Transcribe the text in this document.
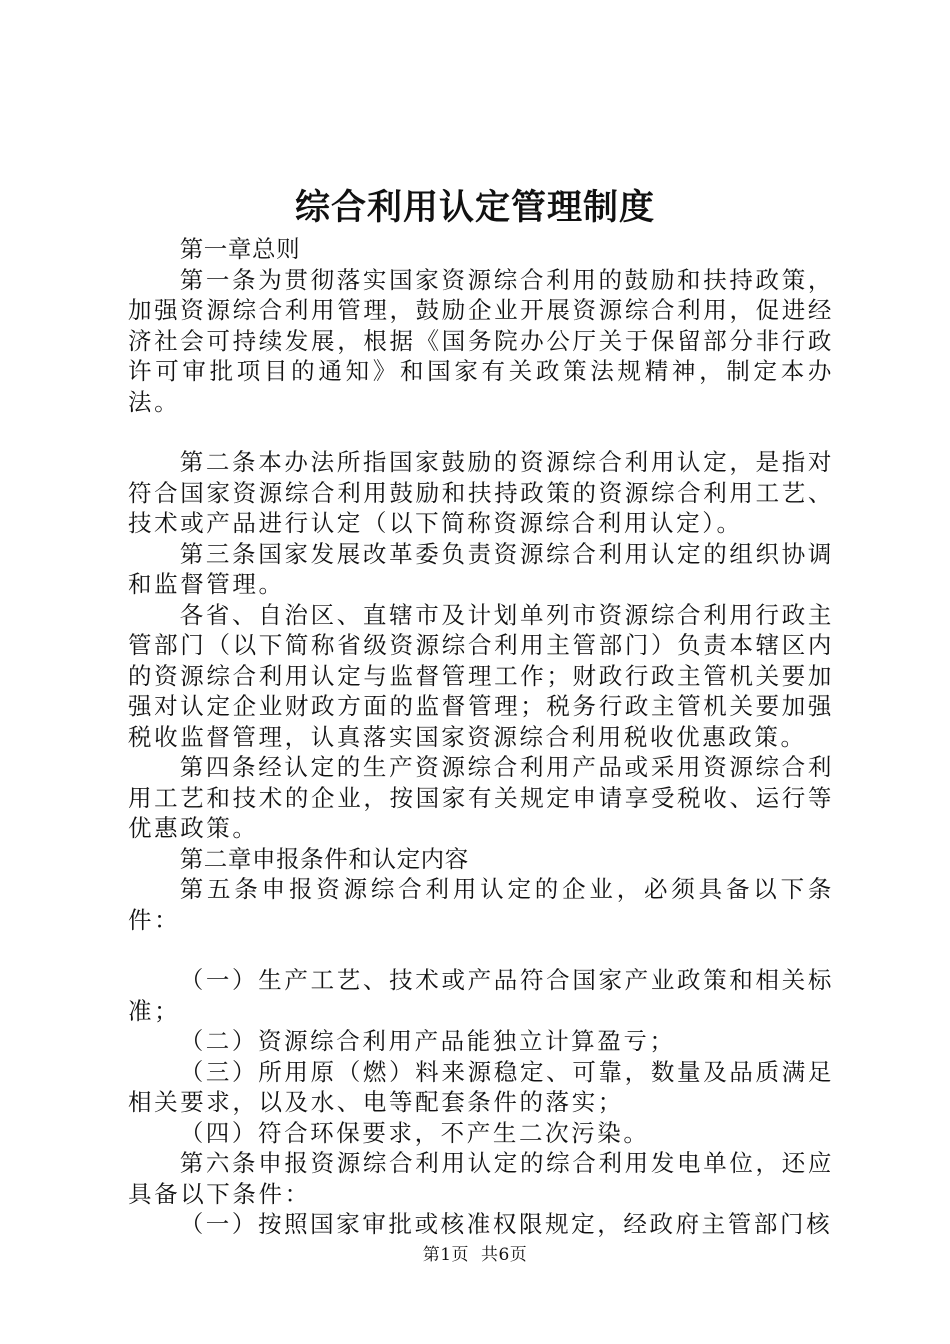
综合利用认定管理制度

第一章总则

第一条为贯彻落实国家资源综合利用的鼓励和扶持政策，加强资源综合利用管理，鼓励企业开展资源综合利用，促进经济社会可持续发展，根据《国务院办公厅关于保留部分非行政许可审批项目的通知》和国家有关政策法规精神，制定本办法。

第二条本办法所指国家鼓励的资源综合利用认定，是指对符合国家资源综合利用鼓励和扶持政策的资源综合利用工艺、技术或产品进行认定（以下简称资源综合利用认定）。

第三条国家发展改革委负责资源综合利用认定的组织协调和监督管理。

各省、自治区、直辖市及计划单列市资源综合利用行政主管部门（以下简称省级资源综合利用主管部门）负责本辖区内的资源综合利用认定与监督管理工作；财政行政主管机关要加强对认定企业财政方面的监督管理；税务行政主管机关要加强税收监督管理，认真落实国家资源综合利用税收优惠政策。

第四条经认定的生产资源综合利用产品或采用资源综合利用工艺和技术的企业，按国家有关规定申请享受税收、运行等优惠政策。

第二章申报条件和认定内容

第五条申报资源综合利用认定的企业，必须具备以下条件：

（一）生产工艺、技术或产品符合国家产业政策和相关标准；

（二）资源综合利用产品能独立计算盈亏；

（三）所用原（燃）料来源稳定、可靠，数量及品质满足相关要求，以及水、电等配套条件的落实；

（四）符合环保要求，不产生二次污染。

第六条申报资源综合利用认定的综合利用发电单位，还应具备以下条件：

（一）按照国家审批或核准权限规定，经政府主管部门核

第1页 共6页
